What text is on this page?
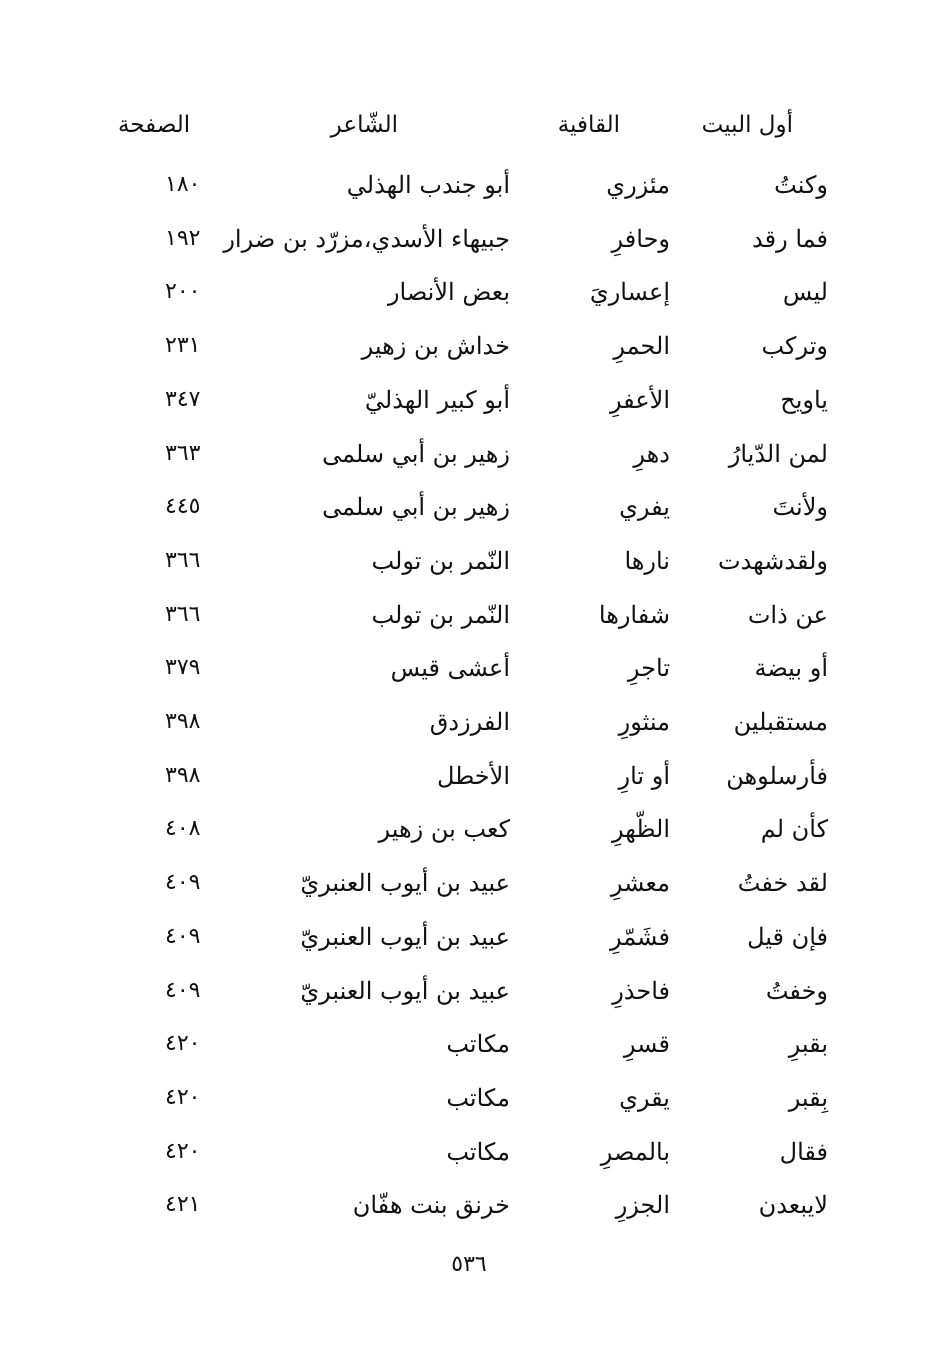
أول البيت
القافية
الشّاعر
الصفحة
وكنتُ
مئزري
أبو جندب الهذلي
١٨٠
فما رقد
وحافرِ
جبيهاء الأسدي،مزرّد بن ضرار
١٩٢
ليس
إعساريَ
بعض الأنصار
٢٠٠
وتركب
الحمرِ
خداش بن زهير
٢٣١
ياويح
الأعفرِ
أبو كبير الهذليّ
٣٤٧
لمن الدّيارُ
دهرِ
زهير بن أبي سلمى
٣٦٣
ولأنتَ
يفري
زهير بن أبي سلمى
٤٤٥
ولقدشهدت
نارها
النّمر بن تولب
٣٦٦
عن ذات
شفارها
النّمر بن تولب
٣٦٦
أو بيضة
تاجرِ
أعشى قيس
٣٧٩
مستقبلين
منثورِ
الفرزدق
٣٩٨
فأرسلوهن
أو تارِ
الأخطل
٣٩٨
كأن لم
الظّهرِ
كعب بن زهير
٤٠٨
لقد خفتُ
معشرِ
عبيد بن أيوب العنبريّ
٤٠٩
فإن قيل
فشَمّرِ
عبيد بن أيوب العنبريّ
٤٠٩
وخفتُ
فاحذرِ
عبيد بن أيوب العنبريّ
٤٠٩
بقبرِ
قسرِ
مكاتب
٤٢٠
بِقبر
يقري
مكاتب
٤٢٠
فقال
بالمصرِ
مكاتب
٤٢٠
لايبعدن
الجزرِ
خرنق بنت هفّان
٤٢١
٥٣٦
